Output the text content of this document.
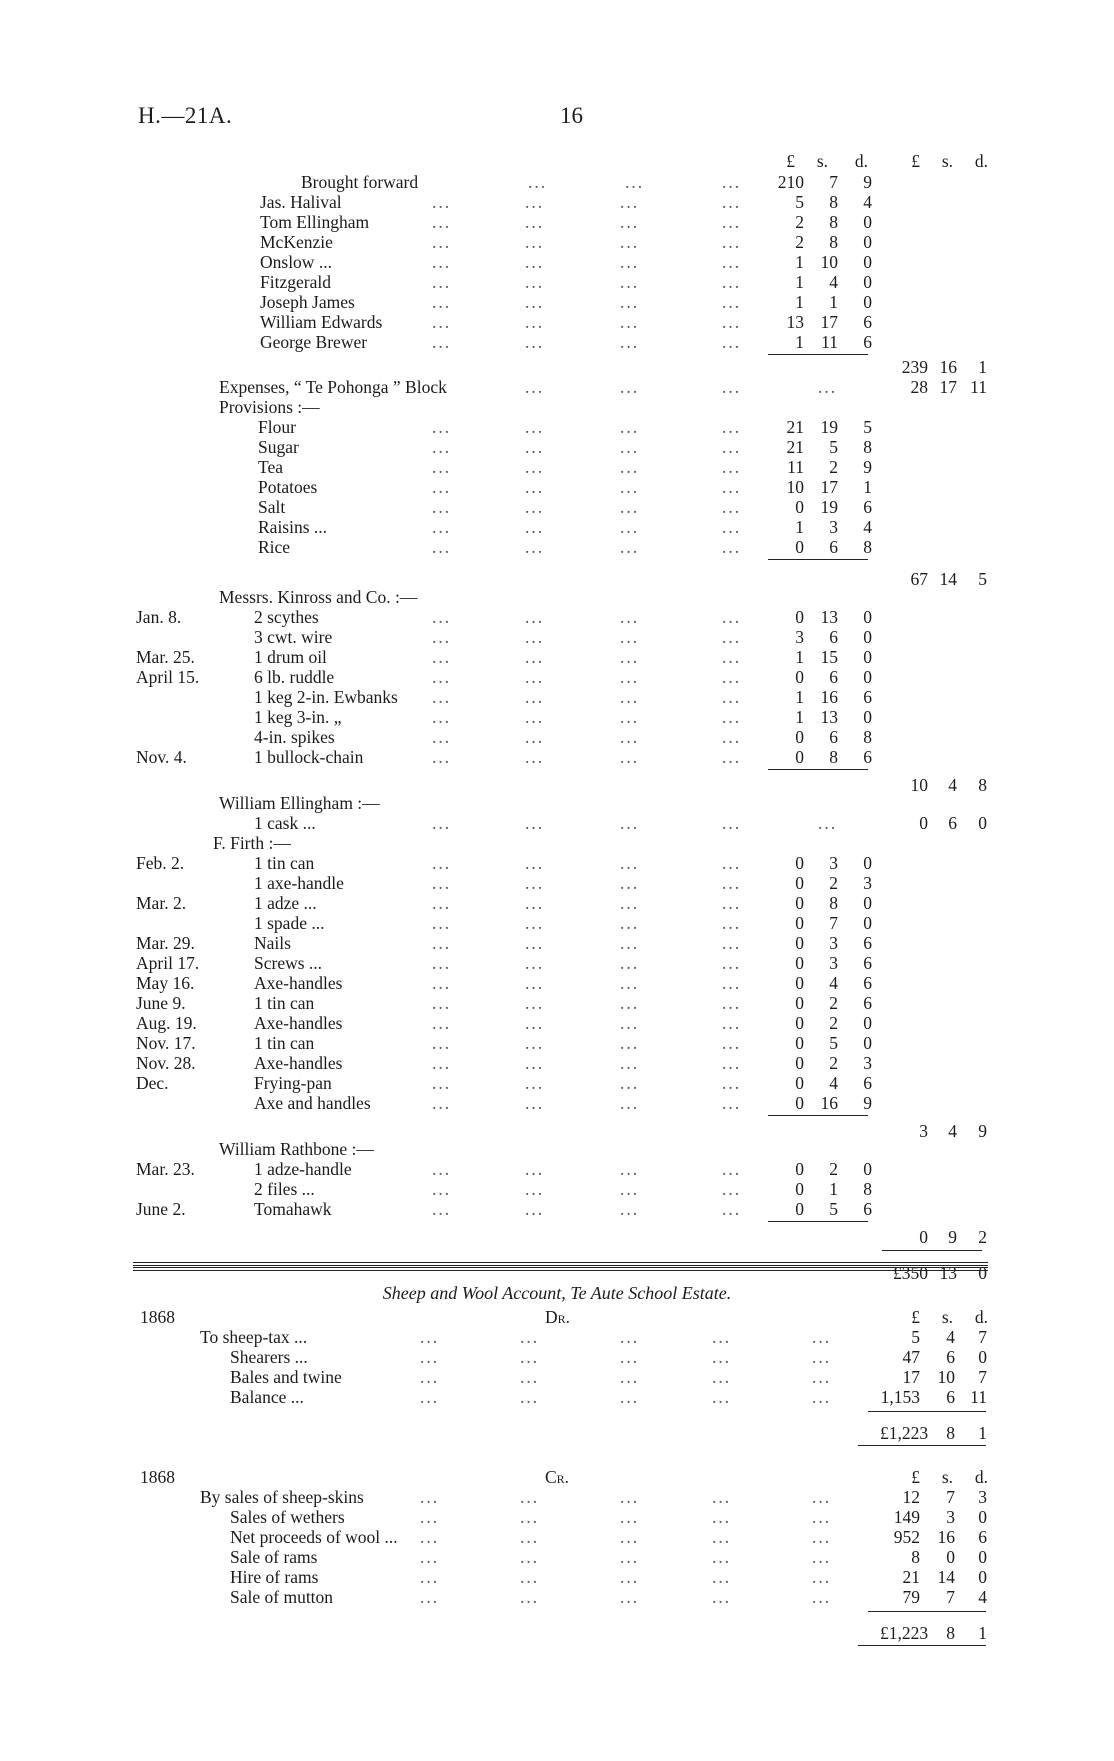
H.—21A.	16
£	s.	d.	£	s.	d.
Brought forward	...	...	...	210	7	9
Jas. Halival	...	...	...	...	5	8	4
Tom Ellingham	...	...	...	...	2	8	0
McKenzie	...	...	...	...	2	8	0
Onslow ...	...	...	...	...	1 10	0
Fitzgerald	...	...	...	...	1	4	0
Joseph James	...	...	...	...	1	1	0
William Edwards	...	...	...	...	13 17	6
George Brewer	...	...	...	...	1 11	6
239 16	1
Expenses, “ Te Pohonga ” Block	...	...	...	...	28 17 11
Provisions :—
Flour	...	...	...	...	21 19	5
Sugar	...	...	...	...	21	5	8
Tea	...	...	...	...	11	2	9
Potatoes	...	...	...	...	10 17	1
Salt	...	...	...	...	0 19	6
Raisins ...	...	...	...	...	1	3	4
Rice	...	...	...	...	0	6	8
67 14	5
Messrs. Kinross and Co. :—
Jan. 8.	2 scythes	...	...	...	...	0 13	0
3 cwt. wire	...	...	...	...	3	6	0
Mar. 25.	1 drum oil	...	...	...	...	1 15	0
April 15.	6 lb. ruddle	...	...	...	...	0	6	0
1 keg 2-in. Ewbanks ...	...	...	...	1 16	6
1 keg 3-in. „	...	...	...	...	1 13	0
4-in. spikes	...	...	...	...	0	6	8
Nov. 4.	1 bullock-chain	...	...	...	...	0	8	6
10	4	8
William Ellingham :—
1 cask ...	...	...	...	...	...	0	6	0
F. Firth :—
Feb. 2.	1 tin can	...	...	...	...	0	3	0
1 axe-handle	...	...	...	...	0	2	3
Mar. 2.	1 adze ...	...	...	...	...	0	8	0
1 spade ...	...	...	...	...	0	7	0
Mar. 29.	Nails	...	...	...	...	0	3	6
April 17.	Screws ...	...	...	...	...	0	3	6
May 16.	Axe-handles	...	...	...	...	0	4	6
June 9.	1 tin can	...	...	...	...	0	2	6
Aug. 19.	Axe-handles	...	...	...	...	0	2	0
Nov. 17.	1 tin can	...	...	...	...	0	5	0
Nov. 28.	Axe-handles	...	...	...	...	0	2	3
Dec.	Frying-pan	...	...	...	...	0	4	6
Axe and handles	...	...	...	...	0 16	9
3	4	9
William Rathbone :—
Mar. 23.	1 adze-handle	...	...	...	...	0	2	0
2 files ...	...	...	...	...	0	1	8
June 2.	Tomahawk	...	...	...	...	0	5	6
0	9	2
£350 13	0
Sheep and Wool Account, Te Aute School Estate.
1868	Dr.	£	s.	d.
To sheep-tax ...	...	...	...	...	...	5	4	7
Shearers ...	...	...	...	...	...	47	6	0
Bales and twine	...	...	...	...	...	17	10	7
Balance ...	...	...	...	...	...	1,153	6 11
£1,223	8	1
1868	Cr.	£	s.	d.
By sales of sheep-skins	...	...	...	...	...	12	7	3
Sales of wethers	...	...	...	...	...	149	3	0
Net proceeds of wool ... ...	...	...	...	...	952	16	6
Sale of rams	...	...	...	...	...	8	0	0
Hire of rams	...	...	...	...	...	21	14	0
Sale of mutton	...	...	...	...	...	79	7	4
£1,223	8	1
